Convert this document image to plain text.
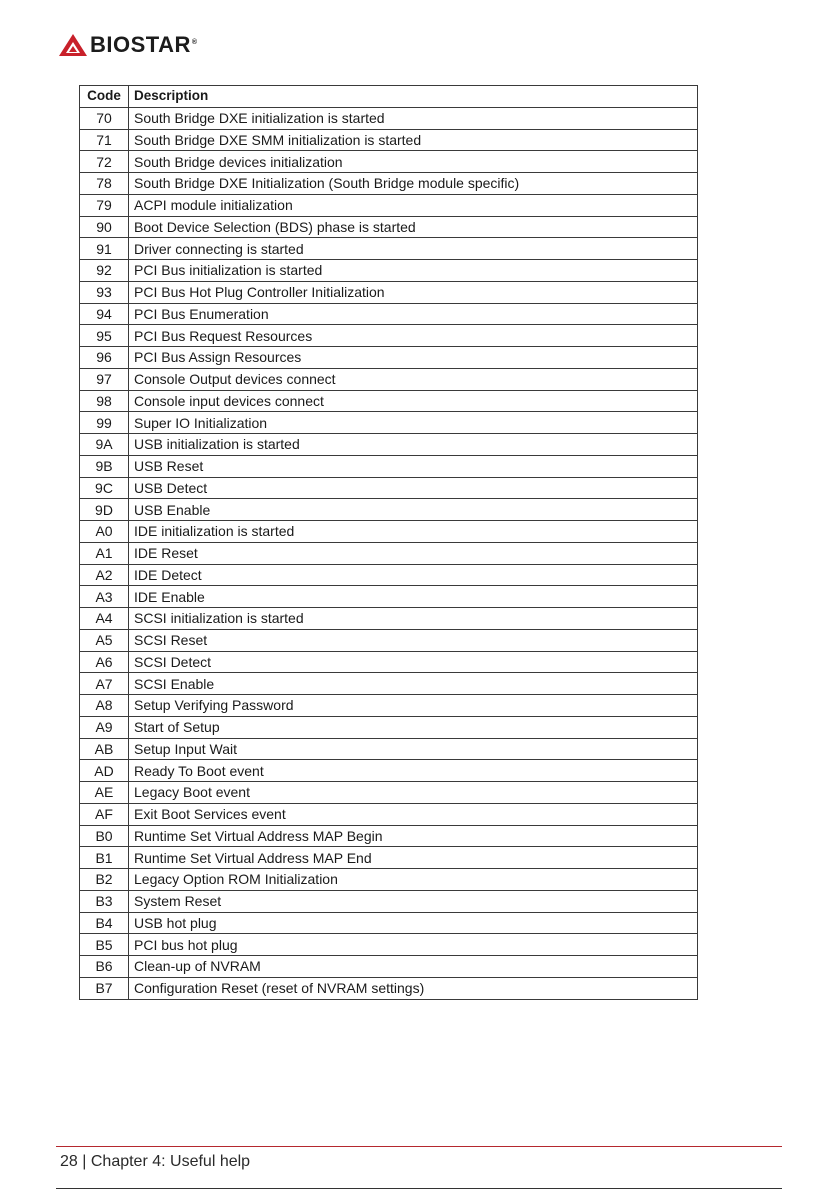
BIOSTAR®
Code	Description
70	South Bridge DXE initialization is started
71	South Bridge DXE SMM initialization is started
72	South Bridge devices initialization
78	South Bridge DXE Initialization (South Bridge module specific)
79	ACPI module initialization
90	Boot Device Selection (BDS) phase is started
91	Driver connecting is started
92	PCI Bus initialization is started
93	PCI Bus Hot Plug Controller Initialization
94	PCI Bus Enumeration
95	PCI Bus Request Resources
96	PCI Bus Assign Resources
97	Console Output devices connect
98	Console input devices connect
99	Super IO Initialization
9A	USB initialization is started
9B	USB Reset
9C	USB Detect
9D	USB Enable
A0	IDE initialization is started
A1	IDE Reset
A2	IDE Detect
A3	IDE Enable
A4	SCSI initialization is started
A5	SCSI Reset
A6	SCSI Detect
A7	SCSI Enable
A8	Setup Verifying Password
A9	Start of Setup
AB	Setup Input Wait
AD	Ready To Boot event
AE	Legacy Boot event
AF	Exit Boot Services event
B0	Runtime Set Virtual Address MAP Begin
B1	Runtime Set Virtual Address MAP End
B2	Legacy Option ROM Initialization
B3	System Reset
B4	USB hot plug
B5	PCI bus hot plug
B6	Clean-up of NVRAM
B7	Configuration Reset (reset of NVRAM settings)
28 | Chapter 4: Useful help
